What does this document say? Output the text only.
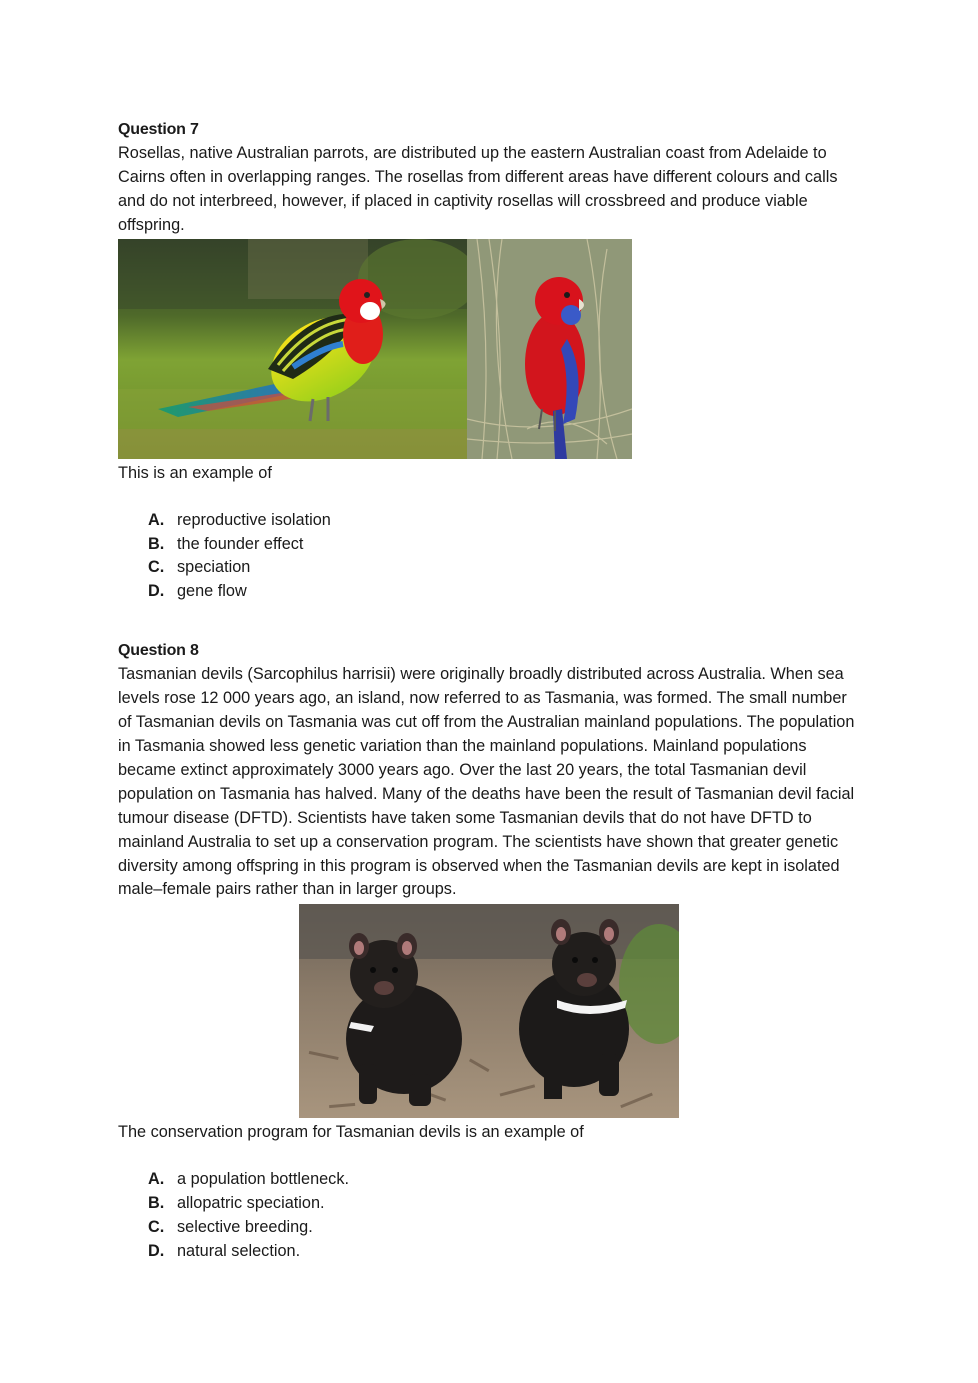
Question 7

Rosellas, native Australian parrots, are distributed up the eastern Australian coast from Adelaide to Cairns often in overlapping ranges. The rosellas from different areas have different colours and calls and do not interbreed, however, if placed in captivity rosellas will crossbreed and produce viable offspring.

This is an example of

A. reproductive isolation
B. the founder effect
C. speciation
D. gene flow

Question 8

Tasmanian devils (Sarcophilus harrisii) were originally broadly distributed across Australia. When sea levels rose 12 000 years ago, an island, now referred to as Tasmania, was formed. The small number of Tasmanian devils on Tasmania was cut off from the Australian mainland populations. The population in Tasmania showed less genetic variation than the mainland populations. Mainland populations became extinct approximately 3000 years ago. Over the last 20 years, the total Tasmanian devil population on Tasmania has halved. Many of the deaths have been the result of Tasmanian devil facial tumour disease (DFTD). Scientists have taken some Tasmanian devils that do not have DFTD to mainland Australia to set up a conservation program. The scientists have shown that greater genetic diversity among offspring in this program is observed when the Tasmanian devils are kept in isolated male–female pairs rather than in larger groups.

The conservation program for Tasmanian devils is an example of

A. a population bottleneck.
B. allopatric speciation.
C. selective breeding.
D. natural selection.
